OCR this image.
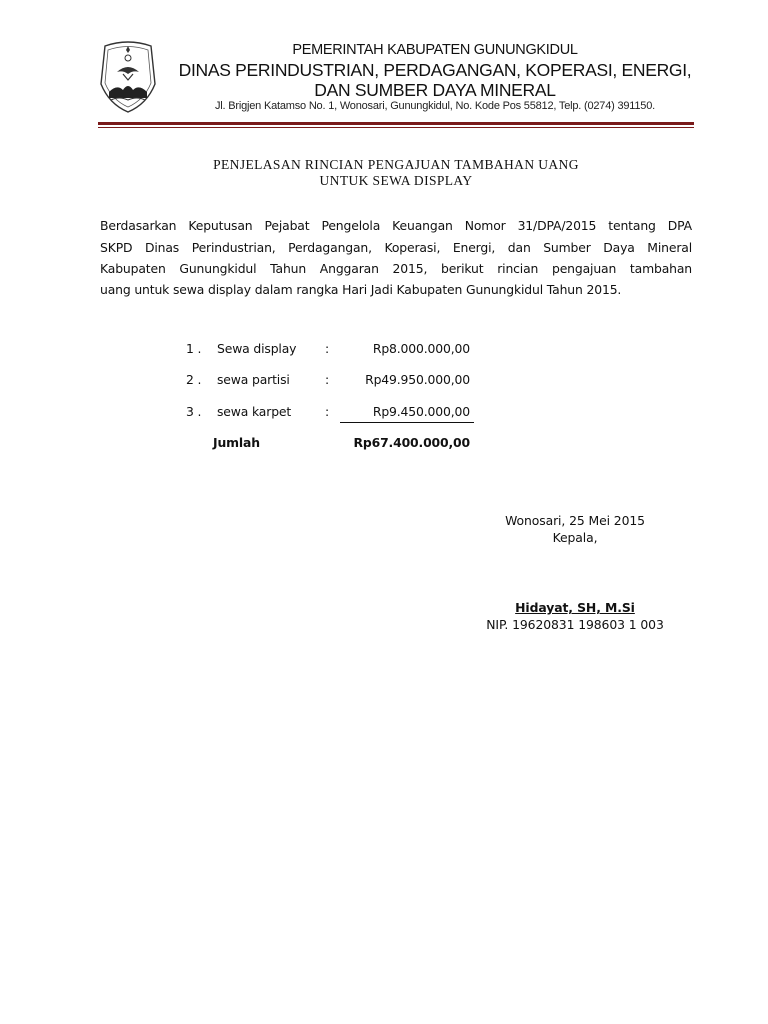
PEMERINTAH KABUPATEN GUNUNGKIDUL
DINAS PERINDUSTRIAN, PERDAGANGAN, KOPERASI, ENERGI,
DAN SUMBER DAYA MINERAL
Jl. Brigjen Katamso No. 1, Wonosari, Gunungkidul, No. Kode Pos 55812, Telp. (0274) 391150.
PENJELASAN RINCIAN PENGAJUAN TAMBAHAN UANG
UNTUK SEWA DISPLAY
Berdasarkan Keputusan Pejabat Pengelola Keuangan Nomor 31/DPA/2015 tentang DPA
SKPD Dinas Perindustrian, Perdagangan, Koperasi, Energi, dan Sumber Daya Mineral
Kabupaten Gunungkidul Tahun Anggaran 2015, berikut rincian pengajuan tambahan
uang untuk sewa display dalam rangka Hari Jadi Kabupaten Gunungkidul Tahun 2015.
1 . Sewa display :	Rp8.000.000,00
2 . sewa partisi	:	Rp49.950.000,00
3 . sewa karpet	:	Rp9.450.000,00
Jumlah	Rp67.400.000,00
Wonosari, 25 Mei 2015
Kepala,
Hidayat, SH, M.Si
NIP. 19620831 198603 1 003
